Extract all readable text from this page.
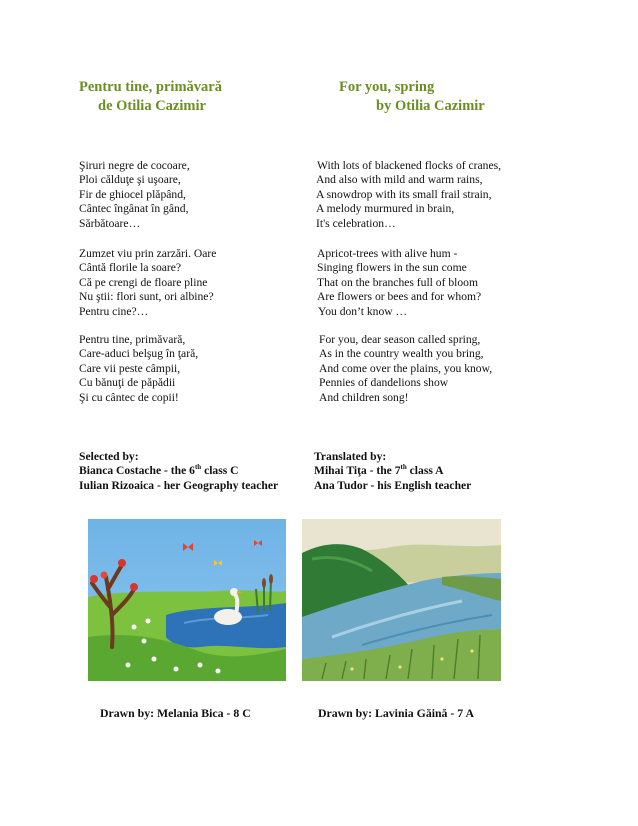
Pentru tine, primăvară
de Otilia Cazimir
For you, spring
by Otilia Cazimir
Şiruri negre de cocoare,
Ploi călduţe şi uşoare,
Fir de ghiocel plăpând,
Cântec îngânat în gând,
Sărbătoare…
Zumzet viu prin zarzări. Oare
Cântă florile la soare?
Că pe crengi de floare pline
Nu ştii: flori sunt, ori albine?
Pentru cine?…
Pentru tine, primăvară,
Care-aduci belşug în ţară,
Care vii peste câmpii,
Cu bănuţi de păpădii
Şi cu cântec de copii!
With lots of blackened flocks of cranes,
And also with mild and warm rains,
A snowdrop with its small frail strain,
A melody murmured in brain,
It's celebration…
Apricot-trees with alive hum -
Singing flowers in the sun come
That on the branches full of bloom
Are flowers or bees and for whom?
You don’t know …
For you, dear season called spring,
As in the country wealth you bring,
And come over the plains, you know,
Pennies of dandelions show
And children song!
Selected by:
Bianca Costache - the 6th class C
Iulian Rizoaica - her Geography teacher
Translated by:
Mihai Tiţa - the 7th class A
Ana Tudor - his English teacher
Drawn by: Melania Bica - 8 C	Drawn by: Lavinia Găină - 7 A
